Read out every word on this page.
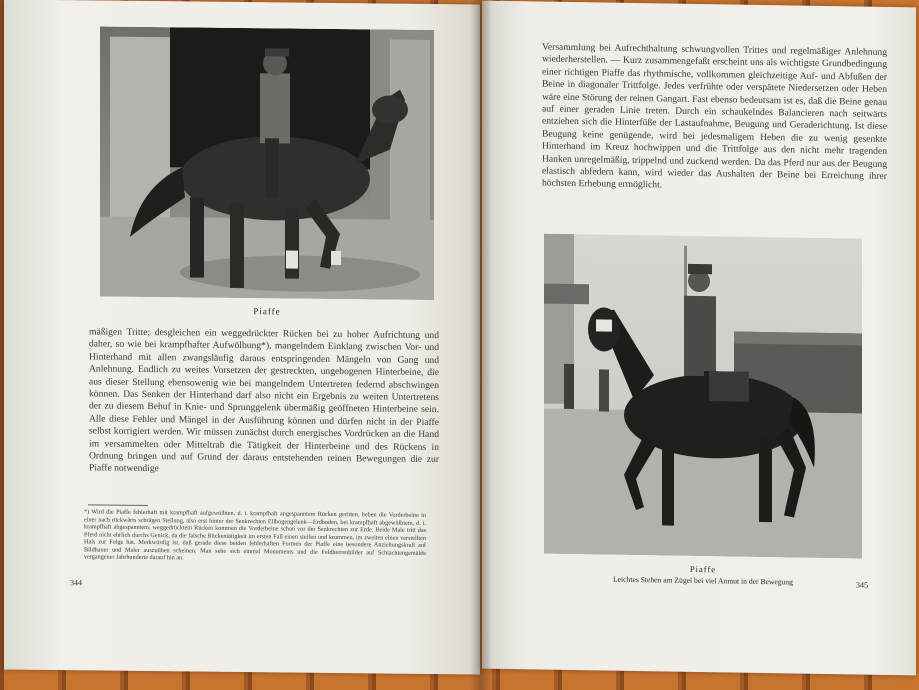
Piaffe

mäßigen Tritte; desgleichen ein weggedrückter Rücken bei zu hoher Aufrichtung und daher, so wie bei krampfhafter Aufwölbung*), mangelndem Einklang zwischen Vor- und Hinterhand mit allen zwangsläufig daraus entspringenden Mängeln von Gang und Anlehnung. Endlich zu weites Vorsetzen der gestreckten, ungebogenen Hinterbeine, die aus dieser Stellung ebensowenig wie bei mangelndem Untertreten federnd abschwingen können. Das Senken der Hinterhand darf also nicht ein Ergebnis zu weiten Untertretens der zu diesem Behuf in Knie- und Sprunggelenk übermäßig geöffneten Hinterbeine sein. Alle diese Fehler und Mängel in der Ausführung können und dürfen nicht in der Piaffe selbst korrigiert werden. Wir müssen zunächst durch energisches Vordrücken an die Hand im versammelten oder Mitteltrab die Tätigkeit der Hinterbeine und des Rückens in Ordnung bringen und auf Grund der daraus entstehenden reinen Bewegungen die zur Piaffe notwendige

*) Wird die Piaffe fehlerhaft mit krampfhaft aufgewölbten, d. i. krampfhaft angespanntem Rücken geritten, heben die Vorderbeine in einer nach rückwärts schrägen Stellung, also erst hinter der Senkrechten Ellbogengelenk—Erdboden, bei krampfhaft abgewölbtem, d. i. krampfhaft abgespanntem, weggedrücktem Rücken kommen die Vorderbeine schon vor der Senkrechten zur Erde. Beide Male tritt das Pferd nicht ehrlich durchs Genick, da die falsche Rückentätigkeit im ersten Fall einen steifen und krummen, im zweiten einen verstellten Hals zur Folge hat. Merkwürdig ist, daß gerade diese beiden fehlerhaften Formen der Piaffe eine besondere Anziehungskraft auf Bildhauer und Maler auszuüben scheinen. Man sehe sich einmal Monuments und die Feldherrenbilder auf Schlachtengemälde vergangener Jahrhunderte darauf hin an.

344

Versammlung bei Aufrechthaltung schwungvollen Trittes und regelmäßiger Anlehnung wiederherstellen. — Kurz zusammengefaßt erscheint uns als wichtigste Grundbedingung einer richtigen Piaffe das rhythmische, vollkommen gleichzeitige Auf- und Abfußen der Beine in diagonaler Trittfolge. Jedes verfrühte oder verspätete Niedersetzen oder Heben wäre eine Störung der reinen Gangart. Fast ebenso bedeutsam ist es, daß die Beine genau auf einer geraden Linie treten. Durch ein schaukelndes Balancieren nach seitwärts entziehen sich die Hinterfüße der Lastaufnahme, Beugung und Geraderichtung. Ist diese Beugung keine genügende, wird bei jedesmaligem Heben die zu wenig gesenkte Hinterhand im Kreuz hochwippen und die Trittfolge aus den nicht mehr tragenden Hanken unregelmäßig, trippelnd und zuckend werden. Da das Pferd nur aus der Beugung elastisch abfedern kann, wird wieder das Aushalten der Beine bei Erreichung ihrer höchsten Erhebung ermöglicht.

Piaffe
Leichtes Stehen am Zügel bei viel Anmut in der Bewegung	345
